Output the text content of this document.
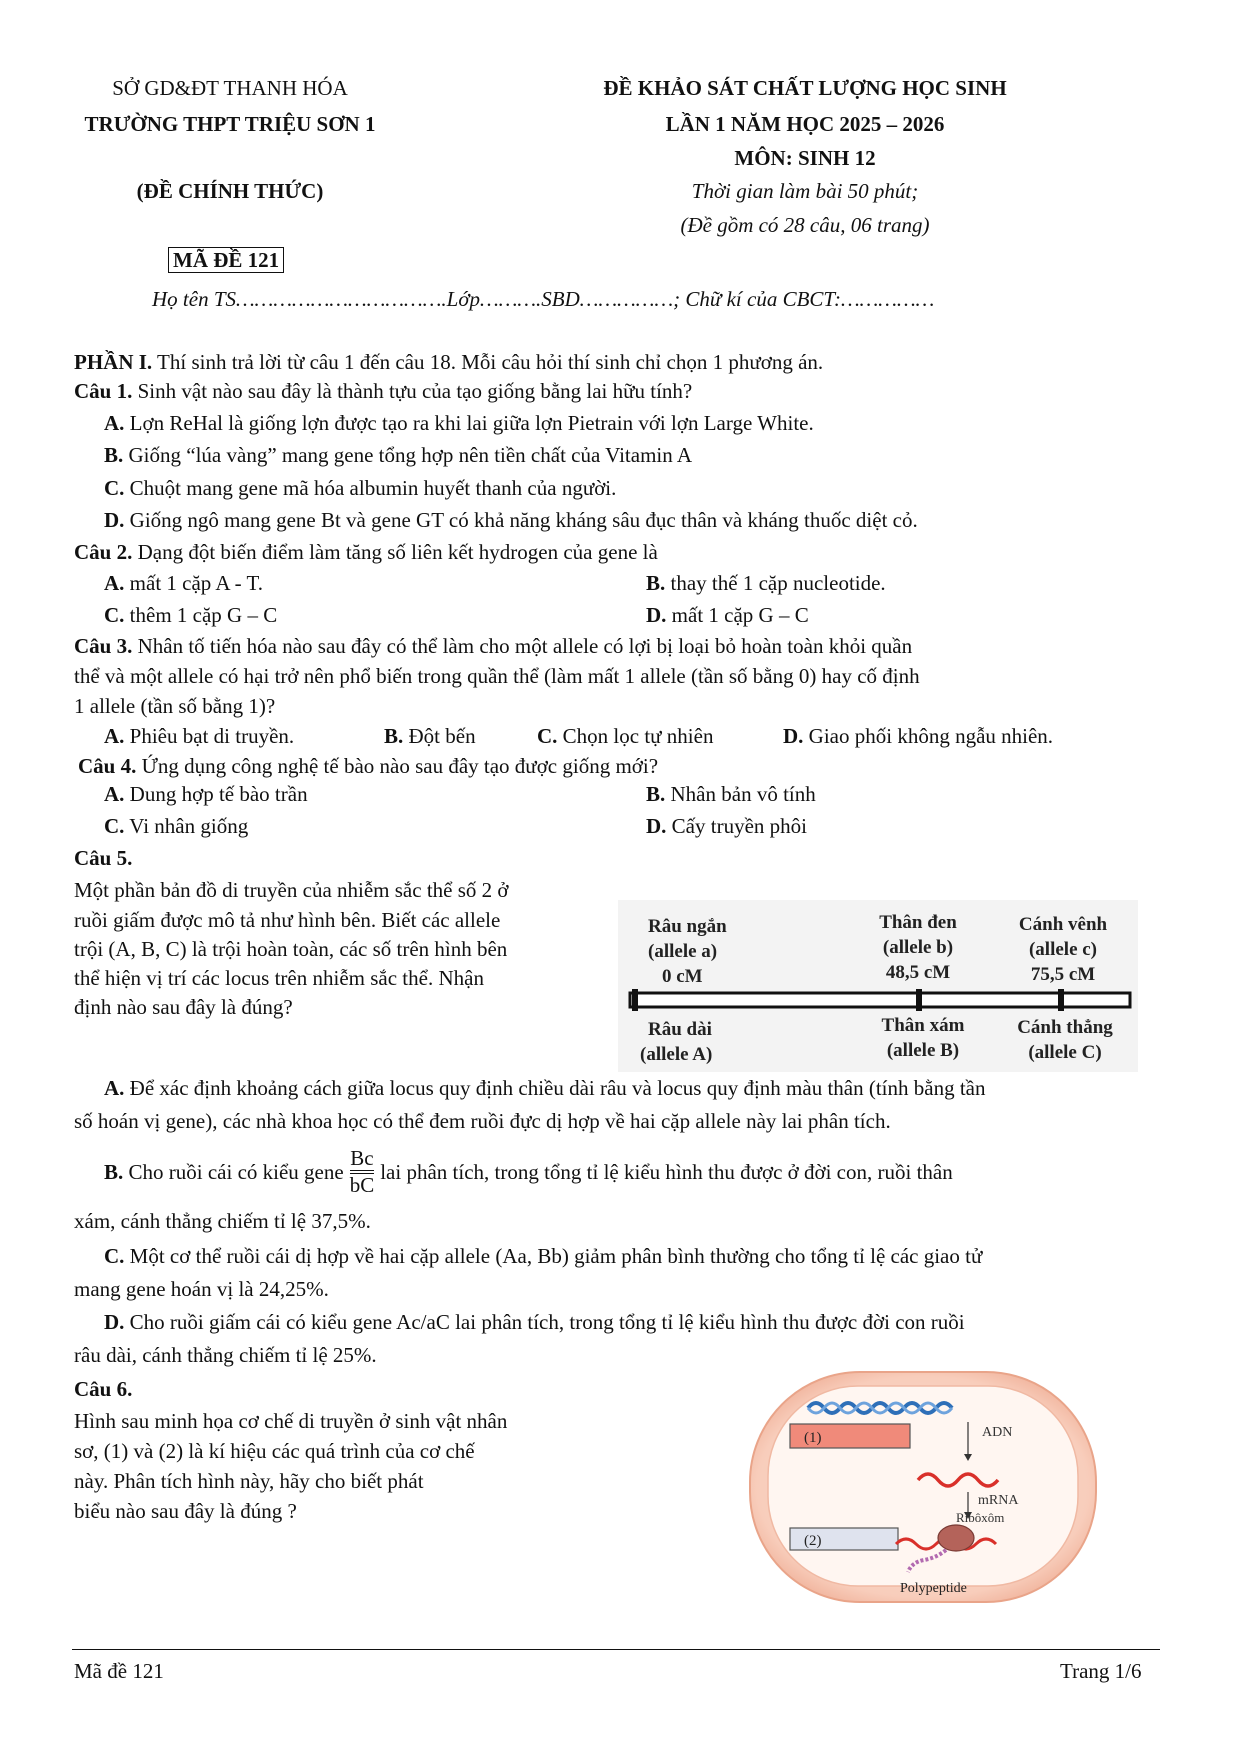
SỞ GD&ĐT THANH HÓA
TRƯỜNG THPT TRIỆU SƠN 1
(ĐỀ CHÍNH THỨC)
MÃ ĐỀ 121
ĐỀ KHẢO SÁT CHẤT LƯỢNG HỌC SINH
LẦN 1 NĂM HỌC 2025 – 2026
MÔN: SINH 12
Thời gian làm bài 50 phút;
(Đề gồm có 28 câu, 06 trang)
Họ tên TS…………………………….Lớp……….SBD……………; Chữ kí của CBCT:……………
PHẦN I. Thí sinh trả lời từ câu 1 đến câu 18. Mỗi câu hỏi thí sinh chỉ chọn 1 phương án.
Câu 1. Sinh vật nào sau đây là thành tựu của tạo giống bằng lai hữu tính?
A. Lợn ReHal là giống lợn được tạo ra khi lai giữa lợn Pietrain với lợn Large White.
B. Giống “lúa vàng” mang gene tổng hợp nên tiền chất của Vitamin A
C. Chuột mang gene mã hóa albumin huyết thanh của người.
D. Giống ngô mang gene Bt và gene GT có khả năng kháng sâu đục thân và kháng thuốc diệt cỏ.
Câu 2. Dạng đột biến điểm làm tăng số liên kết hydrogen của gene là
A. mất 1 cặp A - T.	B. thay thế 1 cặp nucleotide.
C. thêm 1 cặp G – C	D. mất 1 cặp G – C
Câu 3. Nhân tố tiến hóa nào sau đây có thể làm cho một allele có lợi bị loại bỏ hoàn toàn khỏi quần
thể và một allele có hại trở nên phổ biến trong quần thể (làm mất 1 allele (tần số bằng 0) hay cố định
1 allele (tần số bằng 1)?
A. Phiêu bạt di truyền.	B. Đột bến	C. Chọn lọc tự nhiên	D. Giao phối không ngẫu nhiên.
Câu 4. Ứng dụng công nghệ tế bào nào sau đây tạo được giống mới?
A. Dung hợp tế bào trần	B. Nhân bản vô tính
C. Vi nhân giống	D. Cấy truyền phôi
Câu 5.
Một phần bản đồ di truyền của nhiễm sắc thể số 2 ở
ruồi giấm được mô tả như hình bên. Biết các allele
trội (A, B, C) là trội hoàn toàn, các số trên hình bên
thể hiện vị trí các locus trên nhiễm sắc thể. Nhận
định nào sau đây là đúng?
Râu ngắn
(allele a)
0 cM
Thân đen
(allele b)
48,5 cM
Cánh vênh
(allele c)
75,5 cM
Râu dài
(allele A)
Thân xám
(allele B)
Cánh thẳng
(allele C)
A. Để xác định khoảng cách giữa locus quy định chiều dài râu và locus quy định màu thân (tính bằng tần
số hoán vị gene), các nhà khoa học có thể đem ruồi đực dị hợp về hai cặp allele này lai phân tích.
B.
Cho ruồi cái có kiểu gene $\frac{Bc}{bC}$ lai phân tích, trong tổng tỉ lệ kiểu hình thu được ở đời con, ruồi thân
xám, cánh thẳng chiếm tỉ lệ 37,5%.
C. Một cơ thể ruồi cái dị hợp về hai cặp allele (Aa, Bb) giảm phân bình thường cho tổng tỉ lệ các giao tử
mang gene hoán vị là 24,25%.
D. Cho ruồi giấm cái có kiểu gene Ac/aC lai phân tích, trong tổng tỉ lệ kiểu hình thu được đời con ruồi
râu dài, cánh thẳng chiếm tỉ lệ 25%.
Câu 6.
Hình sau minh họa cơ chế di truyền ở sinh vật nhân
sơ, (1) và (2) là kí hiệu các quá trình của cơ chế
này. Phân tích hình này, hãy cho biết phát
biểu nào sau đây là đúng ?
(1)	ADN
mRNA
Ribôxôm
(2)
Polypeptide
Mã đề 121	Trang 1/6
